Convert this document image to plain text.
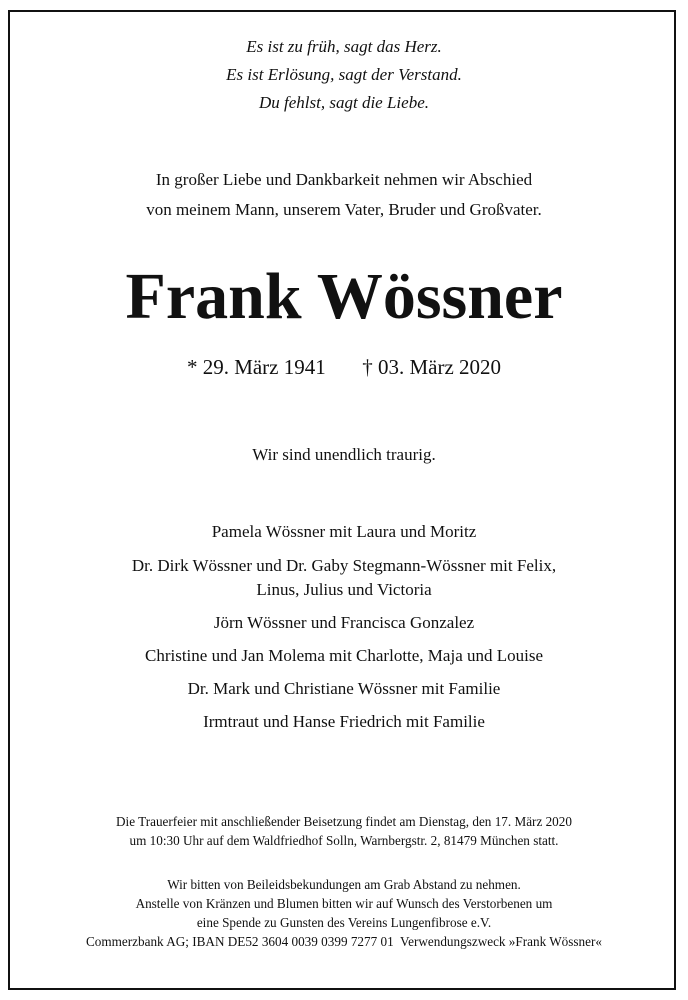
Es ist zu früh, sagt das Herz.
Es ist Erlösung, sagt der Verstand.
Du fehlst, sagt die Liebe.
In großer Liebe und Dankbarkeit nehmen wir Abschied
von meinem Mann, unserem Vater, Bruder und Großvater.
Frank Wössner
* 29. März 1941 † 03. März 2020
Wir sind unendlich traurig.
Pamela Wössner mit Laura und Moritz
Dr. Dirk Wössner und Dr. Gaby Stegmann-Wössner mit Felix,
Linus, Julius und Victoria
Jörn Wössner und Francisca Gonzalez
Christine und Jan Molema mit Charlotte, Maja und Louise
Dr. Mark und Christiane Wössner mit Familie
Irmtraut und Hanse Friedrich mit Familie
Die Trauerfeier mit anschließender Beisetzung findet am Dienstag, den 17. März 2020
um 10:30 Uhr auf dem Waldfriedhof Solln, Warnbergstr. 2, 81479 München statt.
Wir bitten von Beileidsbekundungen am Grab Abstand zu nehmen.
Anstelle von Kränzen und Blumen bitten wir auf Wunsch des Verstorbenen um
eine Spende zu Gunsten des Vereins Lungenfibrose e.V.
Commerzbank AG; IBAN DE52 3604 0039 0399 7277 01  Verwendungszweck »Frank Wössner«
